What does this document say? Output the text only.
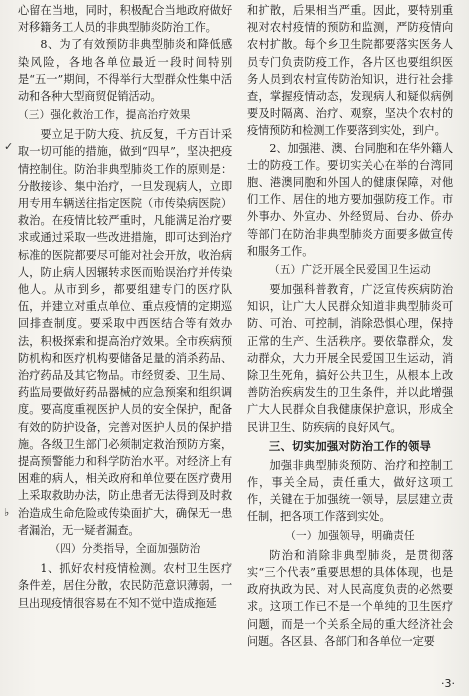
心留在当地，同时，积极配合当地政府做好对移籍务工人员的非典型肺炎防治工作。

8、为了有效预防非典型肺炎和降低感染风险，各地各单位最近一段时间特别是“五一”期间，不得举行大型群众性集中活动和各种大型商贸促销活动。

（三）强化救治工作，提高治疗效果

要立足于防大疫、抗反复，千方百计采取一切可能的措施，做到“四早”，坚决把疫情控制住。防治非典型肺炎工作的原则是：分散接诊、集中治疗，一旦发现病人，立即用专用车辆送往指定医院（市传染病医院）救治。在疫情比较严重时，凡能满足治疗要求或通过采取一些改进措施，即可达到治疗标准的医院都要尽可能对社会开放，收治病人，防止病人因辗转求医而贻误治疗并传染他人。从市到乡，都要组建专门的医疗队伍，并建立对重点单位、重点疫情的定期巡回排查制度。要采取中西医结合等有效办法，积极探索和提高治疗效果。全市疾病预防机构和医疗机构要储备足量的消杀药品、治疗药品及其它物品。市经贸委、卫生局、药监局要做好药品器械的应急预案和组织调度。要高度重视医护人员的安全保护，配备有效的防护设备，完善对医护人员的保护措施。各级卫生部门必须制定救治预防方案，提高预警能力和科学防治水平。对经济上有困难的病人，相关政府和单位要在医疗费用上采取救助办法，防止患者无法得到及时救治造成生命危险或传染面扩大，确保无一患者漏治，无一疑者漏查。

（四）分类指导，全面加强防治

1、抓好农村疫情检测。农村卫生医疗条件差，居住分散，农民防范意识薄弱，一旦出现疫情很容易在不知不觉中造成拖延

和扩散，后果相当严重。因此，要特别重视对农村疫情的预防和监测，严防疫情向农村扩散。每个乡卫生院都要落实医务人员专门负责防疫工作，各片区也要组织医务人员到农村宣传防治知识，进行社会排查，掌握疫情动态，发现病人和疑似病例要及时隔离、治疗、观察，坚决个农村的疫情预防和检测工作要落到实处，到户。

2、加强港、澳、台同胞和在华外籍人士的防疫工作。要切实关心在举的台湾同胞、港澳同胞和外国人的健康保障，对他们工作、居住的地方要加强防疫工作。市外事办、外宣办、外经贸局、台办、侨办等部门在防治非典型肺炎方面要多做宣传和服务工作。

（五）广泛开展全民爱国卫生运动

要加强科普教育，广泛宣传疾病防治知识，让广大人民群众知道非典型肺炎可防、可治、可控制，消除恐惧心理，保持正常的生产、生活秩序。要依靠群众，发动群众，大力开展全民爱国卫生运动，消除卫生死角，搞好公共卫生，从根本上改善防治疾病发生的卫生条件，并以此增强广大人民群众自我健康保护意识，形成全民讲卫生、防疾病的良好风气。

三、切实加强对防治工作的领导

加强非典型肺炎预防、治疗和控制工作，事关全局，责任重大，做好这项工作，关键在于加强统一领导，层层建立责任制，把各项工作落到实处。

（一）加强领导，明确责任

防治和消除非典型肺炎，是贯彻落实“三个代表”重要思想的具体体现，也是政府执政为民、对人民高度负责的必然要求。这项工作已不是一个单纯的卫生医疗问题，而是一个关系全局的重大经济社会问题。各区县、各部门和各单位一定要

✓
♭
·3·
